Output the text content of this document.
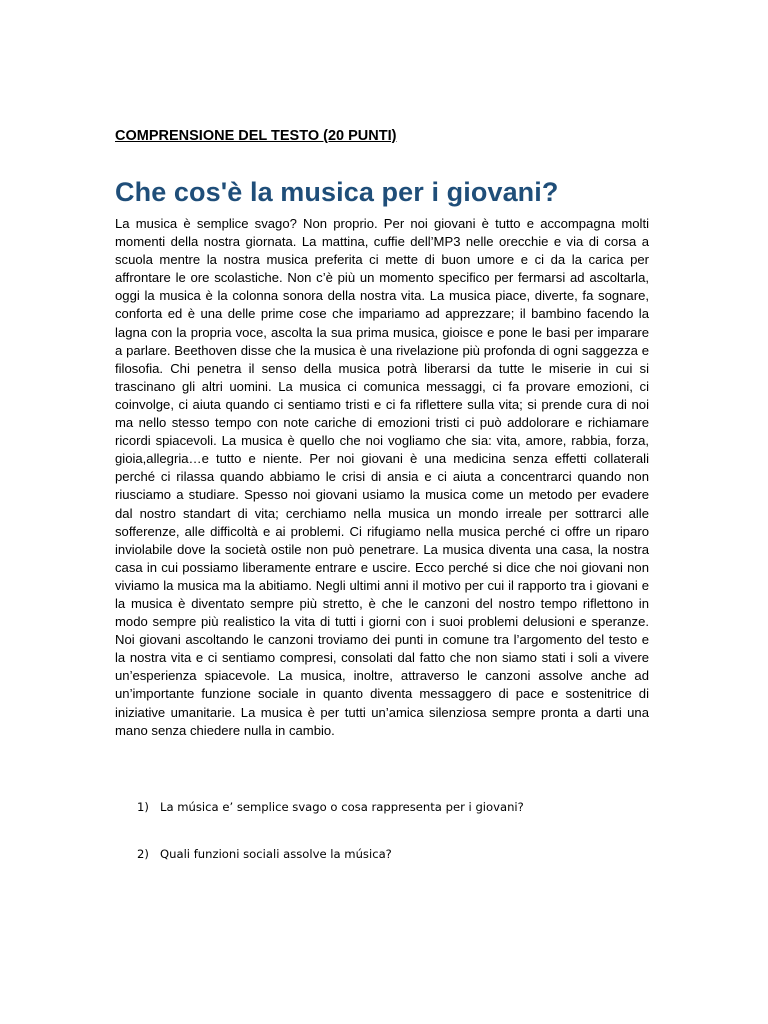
COMPRENSIONE DEL TESTO (20 PUNTI)
Che cos'è la musica per i giovani?

La musica è semplice svago? Non proprio. Per noi giovani è tutto e accompagna molti momenti della nostra giornata. La mattina, cuffie dell’MP3 nelle orecchie e via di corsa a scuola mentre la nostra musica preferita ci mette di buon umore e ci da la carica per affrontare le ore scolastiche. Non c’è più un momento specifico per fermarsi ad ascoltarla, oggi la musica è la colonna sonora della nostra vita. La musica piace, diverte, fa sognare, conforta ed è una delle prime cose che impariamo ad apprezzare; il bambino facendo la lagna con la propria voce, ascolta la sua prima musica, gioisce e pone le basi per imparare a parlare. Beethoven disse che la musica è una rivelazione più profonda di ogni saggezza e filosofia. Chi penetra il senso della musica potrà liberarsi da tutte le miserie in cui si trascinano gli altri uomini. La musica ci comunica messaggi, ci fa provare emozioni, ci coinvolge, ci aiuta quando ci sentiamo tristi e ci fa riflettere sulla vita; si prende cura di noi ma nello stesso tempo con note cariche di emozioni tristi ci può addolorare e richiamare ricordi spiacevoli. La musica è quello che noi vogliamo che sia: vita, amore, rabbia, forza, gioia,allegria…e tutto e niente. Per noi giovani è una medicina senza effetti collaterali perché ci rilassa quando abbiamo le crisi di ansia e ci aiuta a concentrarci quando non riusciamo a studiare. Spesso noi giovani usiamo la musica come un metodo per evadere dal nostro standart di vita; cerchiamo nella musica un mondo irreale per sottrarci alle sofferenze, alle difficoltà e ai problemi. Ci rifugiamo nella musica perché ci offre un riparo inviolabile dove la società ostile non può penetrare. La musica diventa una casa, la nostra casa in cui possiamo liberamente entrare e uscire. Ecco perché si dice che noi giovani non viviamo la musica ma la abitiamo. Negli ultimi anni il motivo per cui il rapporto tra i giovani e la musica è diventato sempre più stretto, è che le canzoni del nostro tempo riflettono in modo sempre più realistico la vita di tutti i giorni con i suoi problemi delusioni e speranze. Noi giovani ascoltando le canzoni troviamo dei punti in comune tra l’argomento del testo e la nostra vita e ci sentiamo compresi, consolati dal fatto che non siamo stati i soli a vivere un’esperienza spiacevole. La musica, inoltre, attraverso le canzoni assolve anche ad un’importante funzione sociale in quanto diventa messaggero di pace e sostenitrice di iniziative umanitarie. La musica è per tutti un’amica silenziosa sempre pronta a darti una mano senza chiedere nulla in cambio.

1) La música e’ semplice svago o cosa rappresenta per i giovani?
2) Quali funzioni sociali assolve la música?
